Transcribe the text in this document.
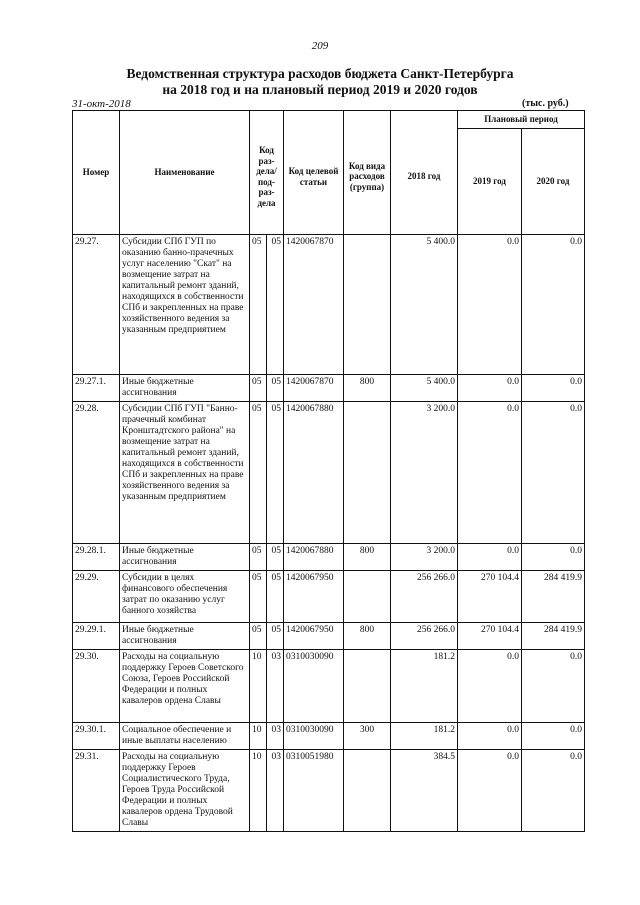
209
Ведомственная структура расходов бюджета Санкт-Петербурга
на 2018 год и на плановый период 2019 и 2020 годов
31-окт-2018	(тыс. руб.)
Номер	Наименование	Код раз-дела/ под-раз-дела		Код целевой статьи	Код вида расходов (группа)	2018 год	Плановый период	
							2019 год	2020 год
29.27.	Субсидии СПб ГУП по оказанию банно-прачечных услуг населению "Скат" на возмещение затрат на капитальный ремонт зданий, находящихся в собственности СПб и закрепленных на праве хозяйственного ведения за указанным предприятием	05	05	1420067870		5 400.0	0.0	0.0
29.27.1.	Иные бюджетные ассигнования	05	05	1420067870	800	5 400.0	0.0	0.0
29.28.	Субсидии СПб ГУП "Банно-прачечный комбинат Кронштадтского района" на возмещение затрат на капитальный ремонт зданий, находящихся в собственности СПб и закрепленных на праве хозяйственного ведения за указанным предприятием	05	05	1420067880		3 200.0	0.0	0.0
29.28.1.	Иные бюджетные ассигнования	05	05	1420067880	800	3 200.0	0.0	0.0
29.29.	Субсидии в целях финансового обеспечения затрат по оказанию услуг банного хозяйства	05	05	1420067950		256 266.0	270 104.4	284 419.9
29.29.1.	Иные бюджетные ассигнования	05	05	1420067950	800	256 266.0	270 104.4	284 419.9
29.30.	Расходы на социальную поддержку Героев Советского Союза, Героев Российской Федерации и полных кавалеров ордена Славы	10	03	0310030090		181.2	0.0	0.0
29.30.1.	Социальное обеспечение и иные выплаты населению	10	03	0310030090	300	181.2	0.0	0.0
29.31.	Расходы на социальную поддержку Героев Социалистического Труда, Героев Труда Российской Федерации и полных кавалеров ордена Трудовой Славы	10	03	0310051980		384.5	0.0	0.0
